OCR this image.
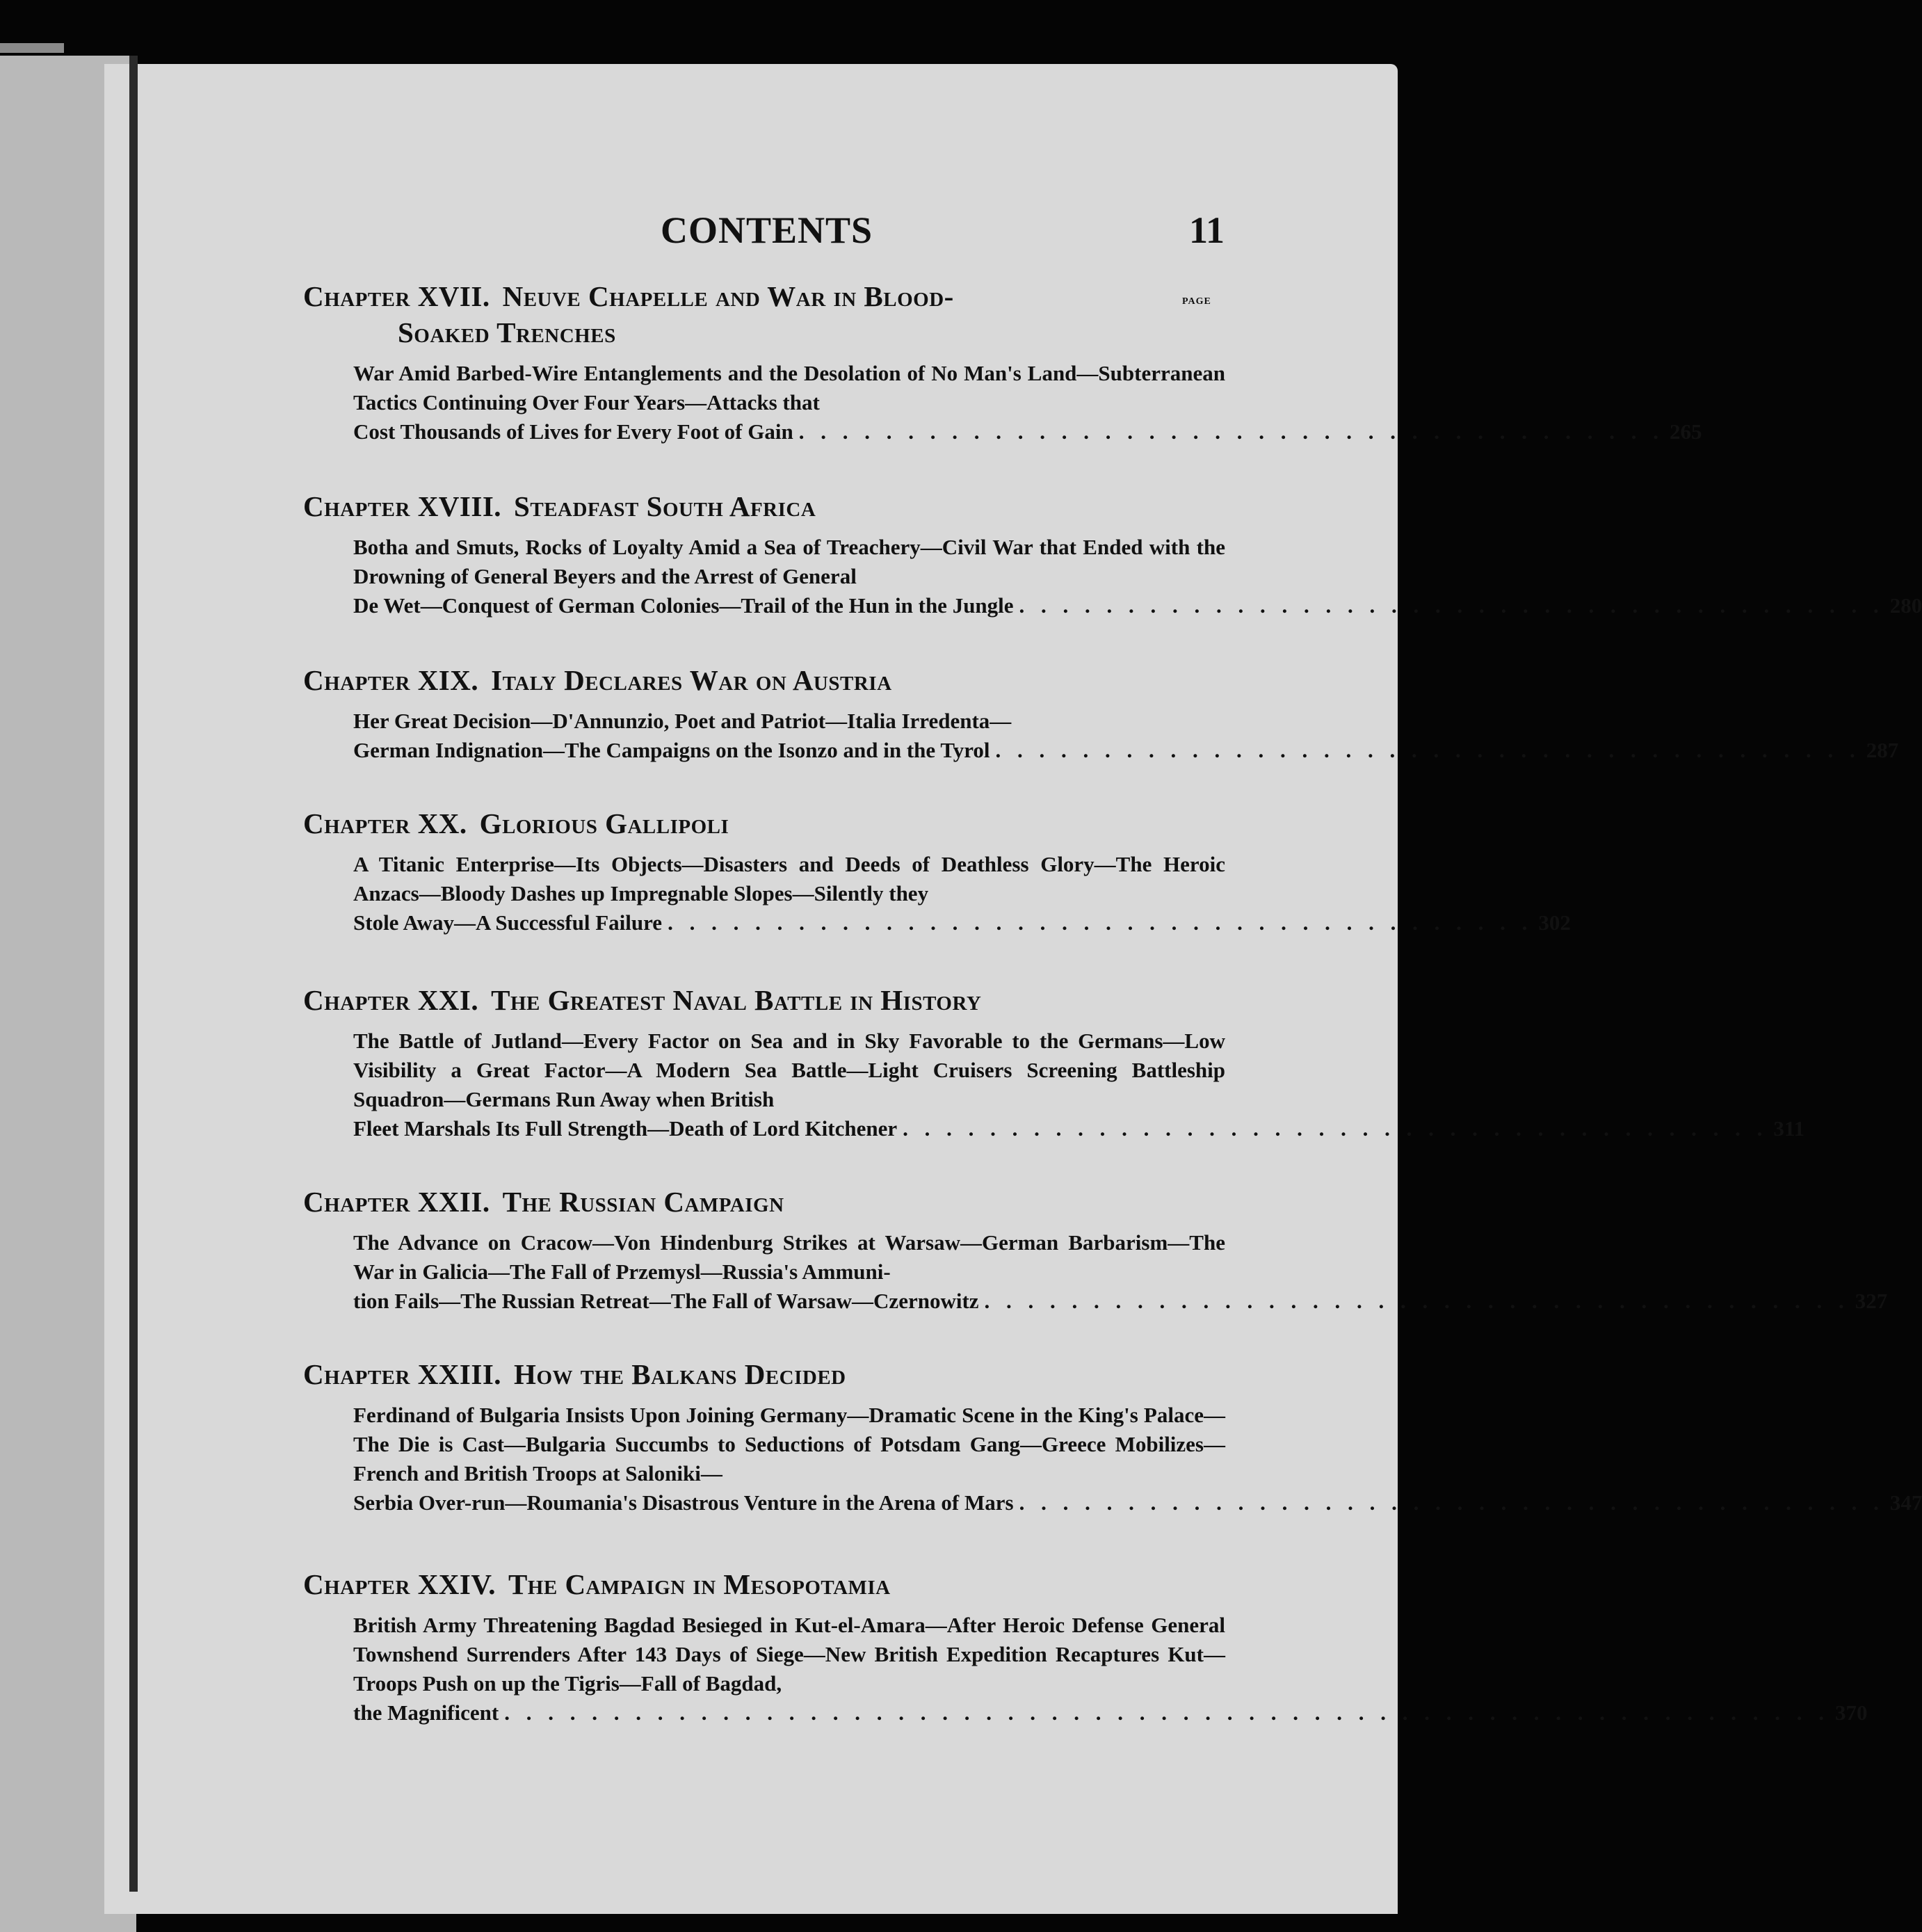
CONTENTS	11
PAGE
Chapter XVII. Neuve Chapelle and War in Blood-
Soaked Trenches
War Amid Barbed-Wire Entanglements and the Desolation of No Man's Land—Subterranean Tactics Continuing Over Four Years—Attacks that
Cost Thousands of Lives for Every Foot of Gain . . . . . . . . . . . . . . . . . . . . . . . . . . . . . . . . . . . . . . . . 265
Chapter XVIII. Steadfast South Africa
Botha and Smuts, Rocks of Loyalty Amid a Sea of Treachery—Civil War that Ended with the Drowning of General Beyers and the Arrest of General
De Wet—Conquest of German Colonies—Trail of the Hun in the Jungle . . . . . . . . . . . . . . . . . . . . . . . . . . . . . . . . . . . . . . . . 280
Chapter XIX. Italy Declares War on Austria
Her Great Decision—D'Annunzio, Poet and Patriot—Italia Irredenta—
German Indignation—The Campaigns on the Isonzo and in the Tyrol . . . . . . . . . . . . . . . . . . . . . . . . . . . . . . . . . . . . . . . . 287
Chapter XX. Glorious Gallipoli
A Titanic Enterprise—Its Objects—Disasters and Deeds of Deathless Glory—The Heroic Anzacs—Bloody Dashes up Impregnable Slopes—Silently they
Stole Away—A Successful Failure . . . . . . . . . . . . . . . . . . . . . . . . . . . . . . . . . . . . . . . . 302
Chapter XXI. The Greatest Naval Battle in History
The Battle of Jutland—Every Factor on Sea and in Sky Favorable to the Germans—Low Visibility a Great Factor—A Modern Sea Battle—Light Cruisers Screening Battleship Squadron—Germans Run Away when British
Fleet Marshals Its Full Strength—Death of Lord Kitchener . . . . . . . . . . . . . . . . . . . . . . . . . . . . . . . . . . . . . . . . 311
Chapter XXII. The Russian Campaign
The Advance on Cracow—Von Hindenburg Strikes at Warsaw—German Barbarism—The War in Galicia—The Fall of Przemysl—Russia's Ammuni-
tion Fails—The Russian Retreat—The Fall of Warsaw—Czernowitz . . . . . . . . . . . . . . . . . . . . . . . . . . . . . . . . . . . . . . . . 327
Chapter XXIII. How the Balkans Decided
Ferdinand of Bulgaria Insists Upon Joining Germany—Dramatic Scene in the King's Palace—The Die is Cast—Bulgaria Succumbs to Seductions of Potsdam Gang—Greece Mobilizes—French and British Troops at Saloniki—
Serbia Over-run—Roumania's Disastrous Venture in the Arena of Mars . . . . . . . . . . . . . . . . . . . . . . . . . . . . . . . . . . . . . . . . 347
Chapter XXIV. The Campaign in Mesopotamia
British Army Threatening Bagdad Besieged in Kut-el-Amara—After Heroic Defense General Townshend Surrenders After 143 Days of Siege—New British Expedition Recaptures Kut—Troops Push on up the Tigris—Fall of Bagdad,
the Magnificent . . . . . . . . . . . . . . . . . . . . . . . . . . . . . . . . . . . . . . . . . . . . . . . . . . . . . . . . . . . . . 370
